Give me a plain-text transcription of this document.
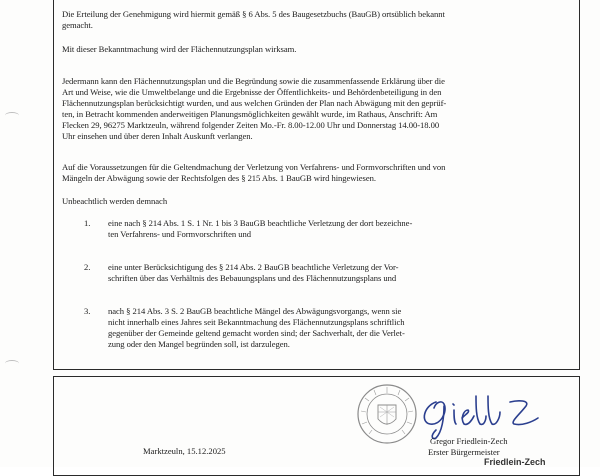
Die Erteilung der Genehmigung wird hiermit gemäß § 6 Abs. 5 des Baugesetzbuchs (BauGB) ortsüblich bekannt
gemacht.
Mit dieser Bekanntmachung wird der Flächennutzungsplan wirksam.
Jedermann kann den Flächennutzungsplan und die Begründung sowie die zusammenfassende Erklärung über die
Art und Weise, wie die Umweltbelange und die Ergebnisse der Öffentlichkeits- und Behördenbeteiligung in den
Flächennutzungsplan berücksichtigt wurden, und aus welchen Gründen der Plan nach Abwägung mit den geprüf-
ten, in Betracht kommenden anderweitigen Planungsmöglichkeiten gewählt wurde, im Rathaus, Anschrift: Am
Flecken 29, 96275 Marktzeuln, während folgender Zeiten Mo.-Fr. 8.00-12.00 Uhr und Donnerstag 14.00-18.00
Uhr einsehen und über deren Inhalt Auskunft verlangen.
Auf die Voraussetzungen für die Geltendmachung der Verletzung von Verfahrens- und Formvorschriften und von
Mängeln der Abwägung sowie der Rechtsfolgen des § 215 Abs. 1 BauGB wird hingewiesen.
Unbeachtlich werden demnach
1. eine nach § 214 Abs. 1 S. 1 Nr. 1 bis 3 BauGB beachtliche Verletzung der dort bezeichne-
ten Verfahrens- und Formvorschriften und
2. eine unter Berücksichtigung des § 214 Abs. 2 BauGB beachtliche Verletzung der Vor-
schriften über das Verhältnis des Bebauungsplans und des Flächennutzungsplans und
3. nach § 214 Abs. 3 S. 2 BauGB beachtliche Mängel des Abwägungsvorgangs, wenn sie
nicht innerhalb eines Jahres seit Bekanntmachung des Flächennutzungsplans schriftlich
gegenüber der Gemeinde geltend gemacht worden sind; der Sachverhalt, der die Verlet-
zung oder den Mangel begründen soll, ist darzulegen.
Gregor Friedlein-Zech
Erster Bürgermeister
Friedlein-Zech
Marktzeuln, 15.12.2025
